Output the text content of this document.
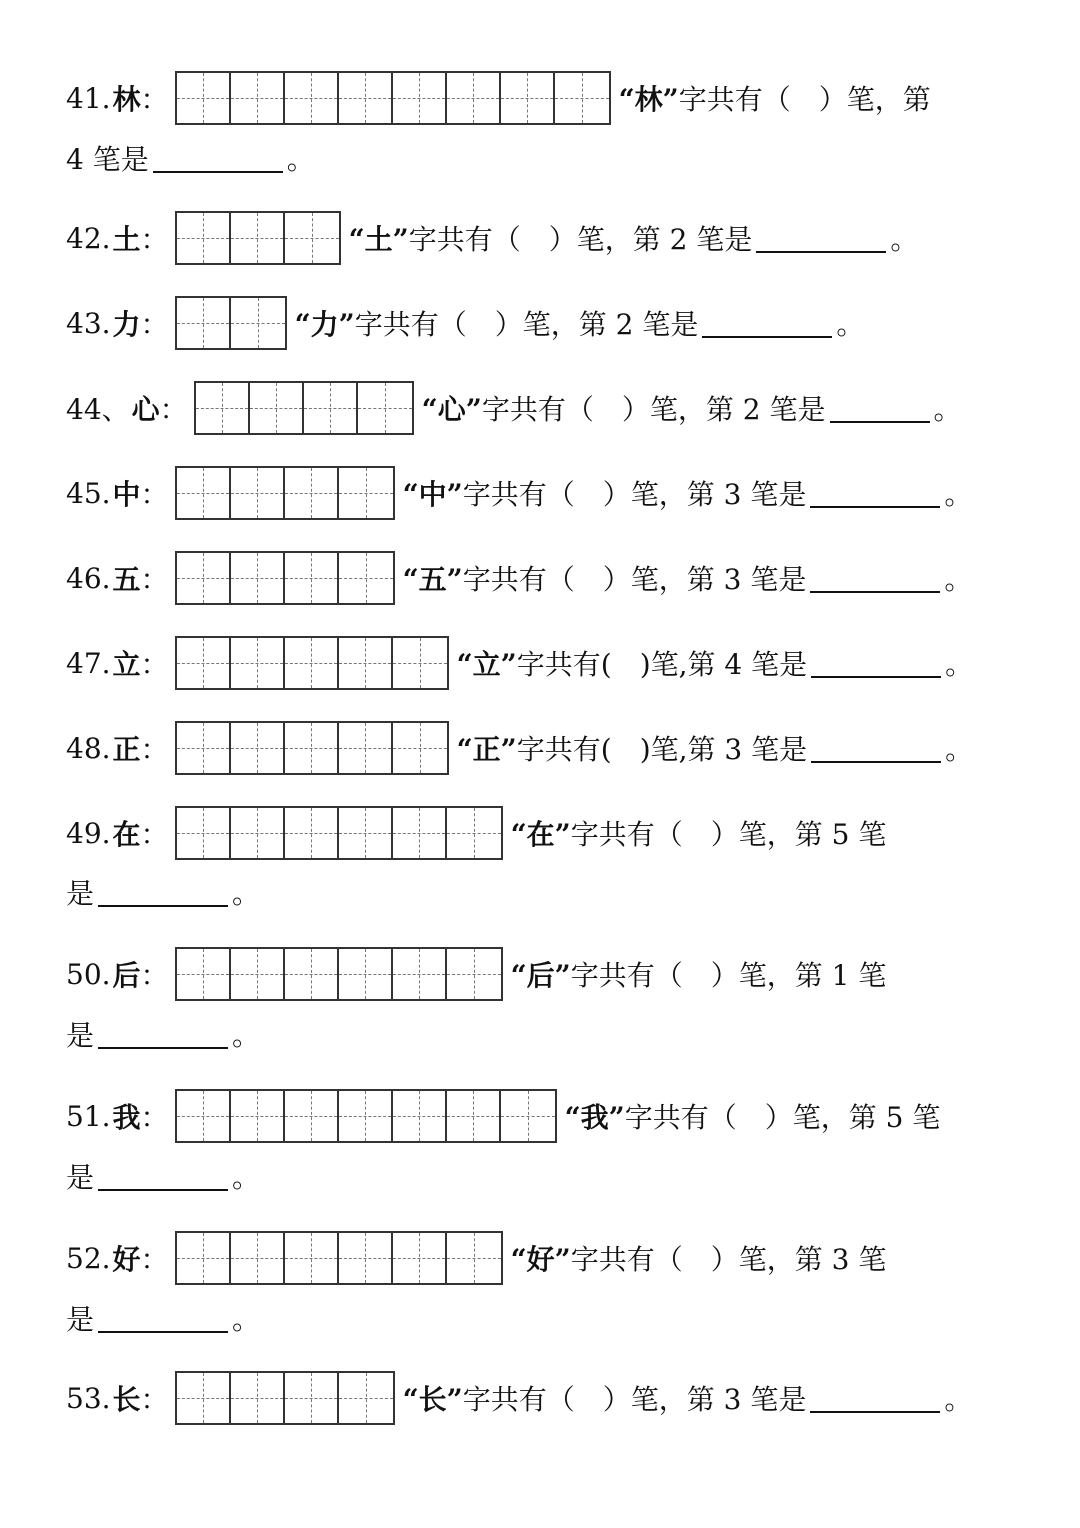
41. 林 ：	“林” 字共有（　）笔，第
4 笔是	。
42. 土 ：	“土” 字共有（　）笔，第 2 笔是	。
43. 力 ：	“力” 字共有（　）笔，第 2 笔是	。
44、 心 ：	“心” 字共有（　）笔，第 2 笔是	。
45. 中 ：	“中” 字共有（　）笔，第 3 笔是	。
46. 五 ：	“五” 字共有（　）笔，第 3 笔是	。
47. 立 ：	“立” 字共有(　)笔,第 4 笔是	。
48. 正 ：	“正” 字共有(　)笔,第 3 笔是	。
49. 在 ：	“在” 字共有（　）笔，第 5 笔
是	。
50. 后 ：	“后” 字共有（　）笔，第 1 笔
是	。
51. 我 ：	“我” 字共有（　）笔，第 5 笔
是	。
52. 好 ：	“好” 字共有（　）笔，第 3 笔
是	。
53. 长 ：	“长” 字共有（　）笔，第 3 笔是	。
